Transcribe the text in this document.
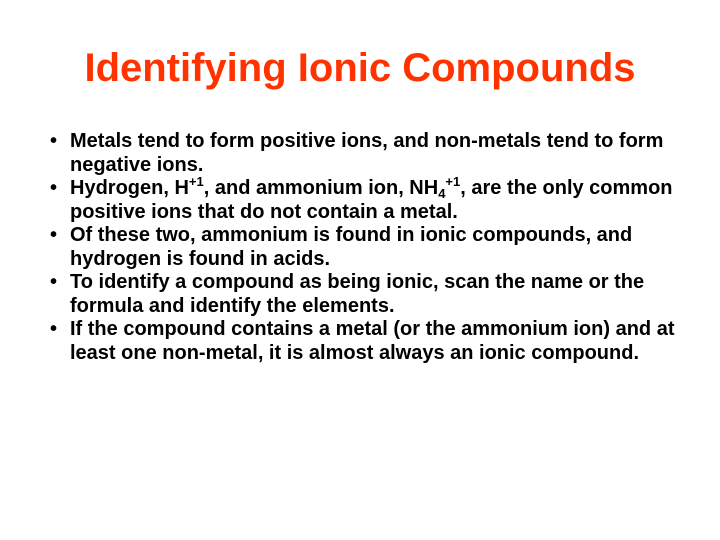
Identifying Ionic Compounds
• Metals tend to form positive ions, and non-metals tend to form negative ions.
• Hydrogen, $H^{+1}$, and ammonium ion, $NH_4^{+1}$, are the only common positive ions that do not contain a metal.
• Of these two, ammonium is found in ionic compounds, and hydrogen is found in acids.
• To identify a compound as being ionic, scan the name or the formula and identify the elements.
• If the compound contains a metal (or the ammonium ion) and at least one non-metal, it is almost always an ionic compound.
